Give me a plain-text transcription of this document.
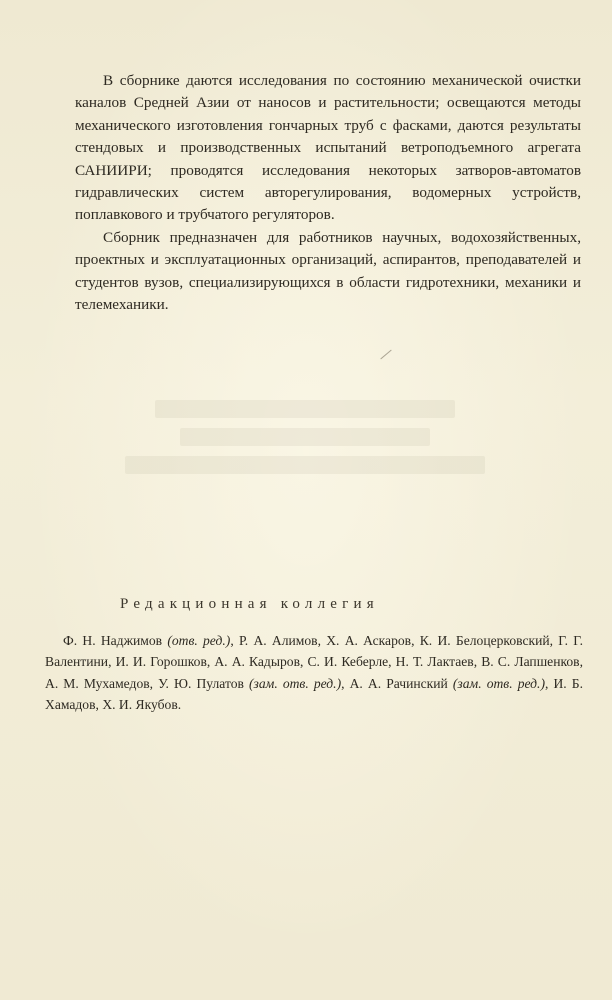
В сборнике даются исследования по состоянию механической очистки каналов Средней Азии от наносов и растительности; освещаются методы механического изготовления гончарных труб с фасками, даются результаты стендовых и производственных испытаний ветроподъемного агрегата САНИИРИ; проводятся исследования некоторых затворов-автоматов гидравлических систем авторегулирования, водомерных устройств, поплавкового и трубчатого регуляторов.

Сборник предназначен для работников научных, водохозяйственных, проектных и эксплуатационных организаций, аспирантов, преподавателей и студентов вузов, специализирующихся в области гидротехники, механики и телемеханики.

Редакционная коллегия
Ф. Н. Наджимов (отв. ред.), Р. А. Алимов, Х. А. Аскаров, К. И. Белоцерковский, Г. Г. Валентини, И. И. Горошков, А. А. Кадыров, С. И. Кеберле, Н. Т. Лактаев, В. С. Лапшенков, А. М. Мухамедов, У. Ю. Пулатов (зам. отв. ред.), А. А. Рачинский (зам. отв. ред.), И. Б. Хамадов, Х. И. Якубов.
